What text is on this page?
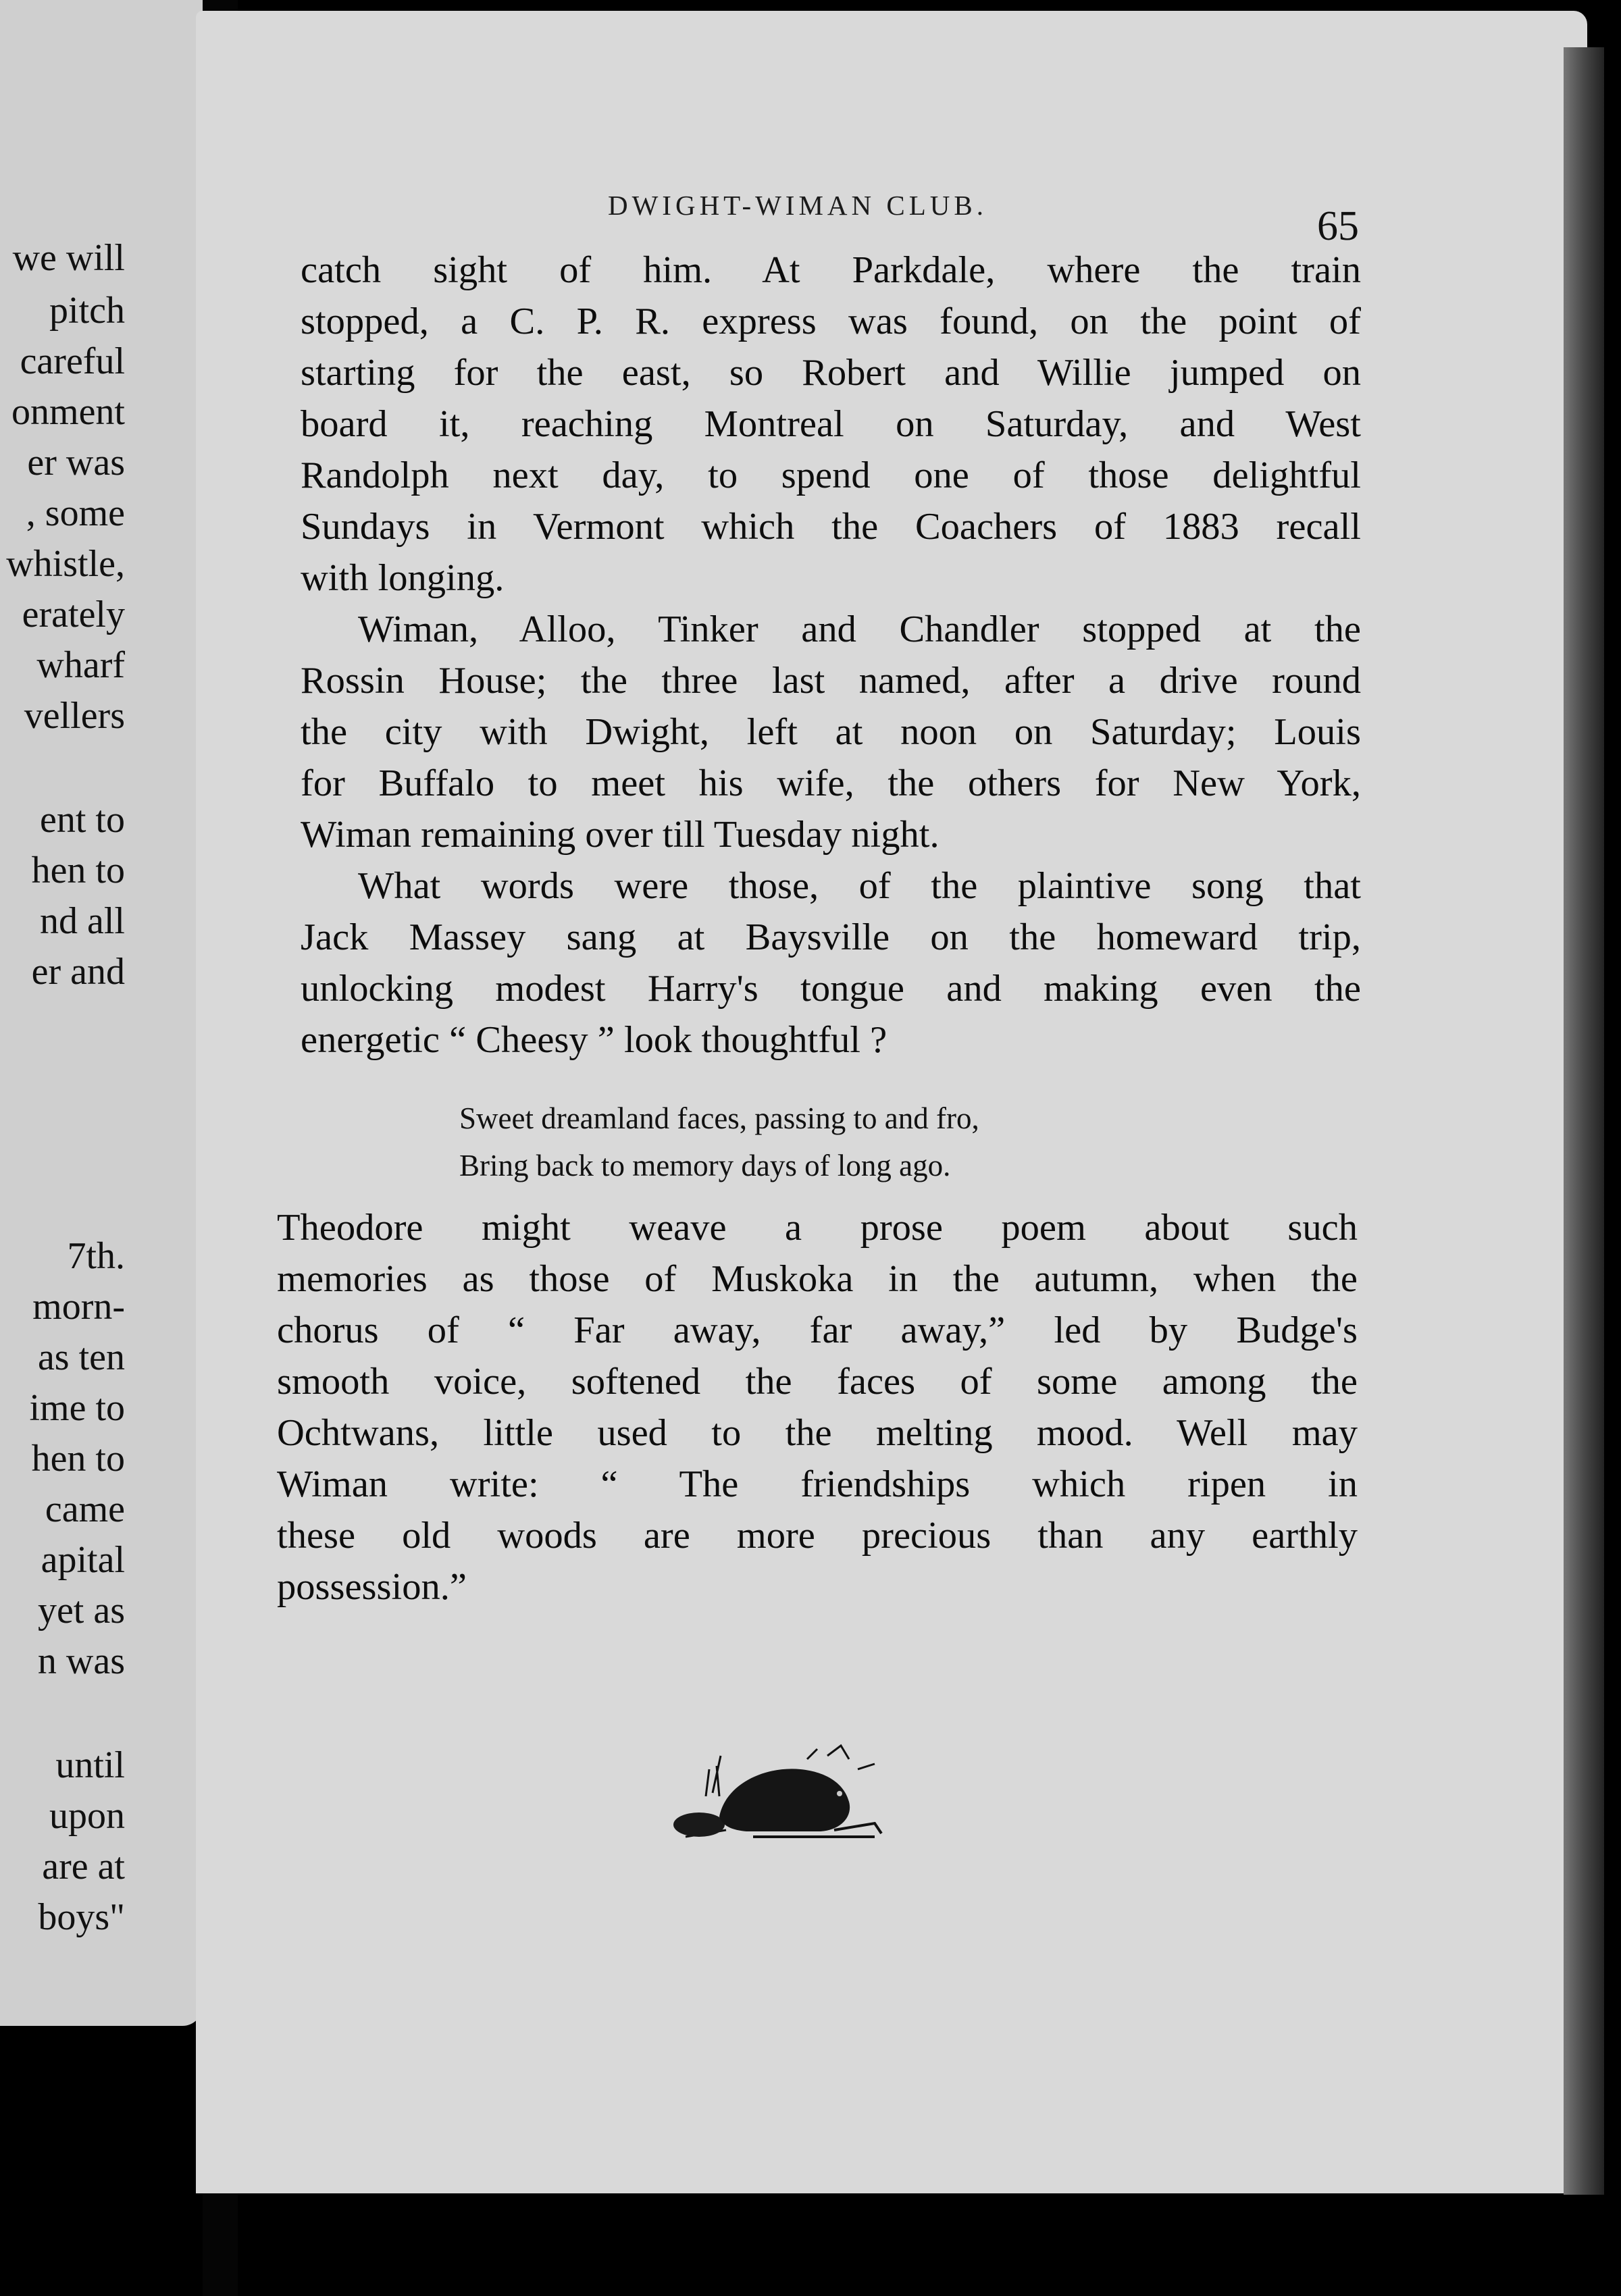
we will
pitch
careful
onment
er was
, some
whistle,
erately
wharf
vellers
ent to
hen to
nd all
er and
7th.
morn-
as ten
ime to
hen to
came
apital
yet as
n was
until
upon
are at
boys"
DWIGHT-WIMAN CLUB.	65
catch sight of him. At Parkdale, where the train
stopped, a C. P. R. express was found, on the point of
starting for the east, so Robert and Willie jumped on
board it, reaching Montreal on Saturday, and West
Randolph next day, to spend one of those delightful
Sundays in Vermont which the Coachers of 1883 recall
with longing.
Wiman, Alloo, Tinker and Chandler stopped at the
Rossin House; the three last named, after a drive round
the city with Dwight, left at noon on Saturday; Louis
for Buffalo to meet his wife, the others for New York,
Wiman remaining over till Tuesday night.
What words were those, of the plaintive song that
Jack Massey sang at Baysville on the homeward trip,
unlocking modest Harry's tongue and making even the
energetic “ Cheesy ” look thoughtful ?
Sweet dreamland faces, passing to and fro,
Bring back to memory days of long ago.
Theodore might weave a prose poem about such
memories as those of Muskoka in the autumn, when the
chorus of “ Far away, far away,” led by Budge's
smooth voice, softened the faces of some among the
Ochtwans, little used to the melting mood. Well may
Wiman write: “ The friendships which ripen in
these old woods are more precious than any earthly
possession.”
